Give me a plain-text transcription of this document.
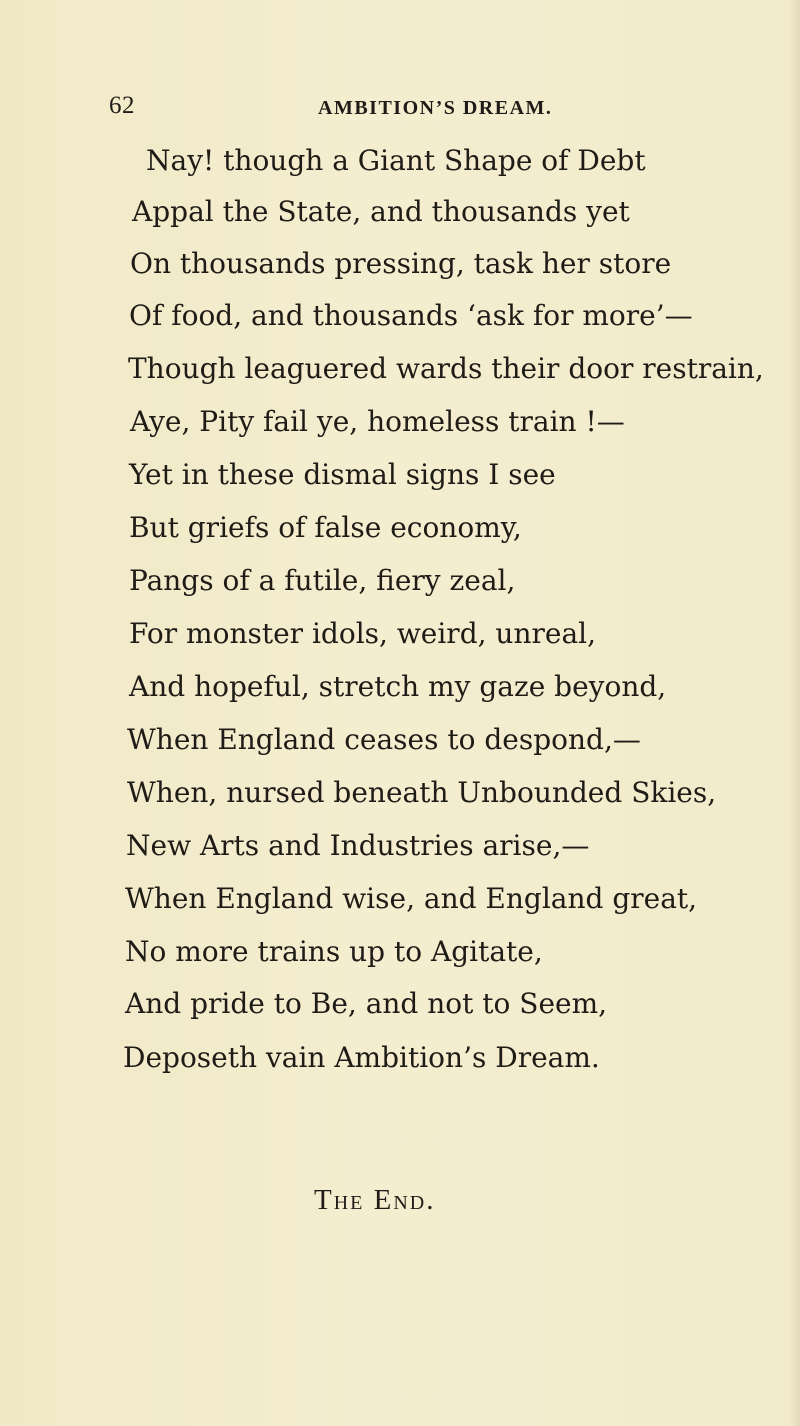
62	AMBITION’S DREAM.
Nay! though a Giant Shape of Debt
Appal the State, and thousands yet
On thousands pressing, task her store
Of food, and thousands ‘ask for more’—
Though leaguered wards their door restrain,
Aye, Pity fail ye, homeless train !—
Yet in these dismal signs I see
But griefs of false economy,
Pangs of a futile, fiery zeal,
For monster idols, weird, unreal,
And hopeful, stretch my gaze beyond,
When England ceases to despond,—
When, nursed beneath Unbounded Skies,
New Arts and Industries arise,—
When England wise, and England great,
No more trains up to Agitate,
And pride to Be, and not to Seem,
Deposeth vain Ambition’s Dream.
The End.
